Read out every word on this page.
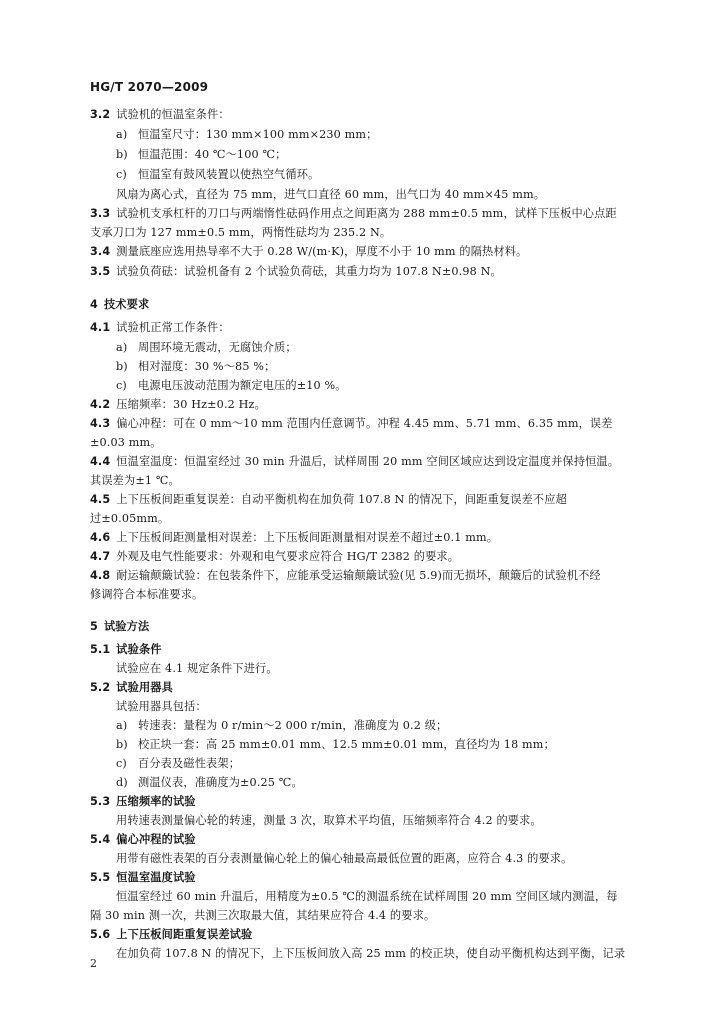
HG/T 2070—2009
3.2 试验机的恒温室条件：
a) 恒温室尺寸：130 mm×100 mm×230 mm；
b) 恒温范围：40 ℃～100 ℃；
c) 恒温室有鼓风装置以使热空气循环。
风扇为离心式，直径为 75 mm，进气口直径 60 mm，出气口为 40 mm×45 mm。
3.3 试验机支承杠杆的刀口与两端惰性砝码作用点之间距离为 288 mm±0.5 mm，试样下压板中心点距
支承刀口为 127 mm±0.5 mm，两惰性砝均为 235.2 N。
3.4 测量底座应选用热导率不大于 0.28 W/(m·K)，厚度不小于 10 mm 的隔热材料。
3.5 试验负荷砝：试验机备有 2 个试验负荷砝，其重力均为 107.8 N±0.98 N。
4 技术要求
4.1 试验机正常工作条件：
a) 周围环境无震动，无腐蚀介质；
b) 相对湿度：30 %～85 %；
c) 电源电压波动范围为额定电压的±10 %。
4.2 压缩频率：30 Hz±0.2 Hz。
4.3 偏心冲程：可在 0 mm～10 mm 范围内任意调节。冲程 4.45 mm、5.71 mm、6.35 mm，误差
±0.03 mm。
4.4 恒温室温度：恒温室经过 30 min 升温后，试样周围 20 mm 空间区域应达到设定温度并保持恒温。
其误差为±1 ℃。
4.5 上下压板间距重复误差：自动平衡机构在加负荷 107.8 N 的情况下，间距重复误差不应超
过±0.05mm。
4.6 上下压板间距测量相对误差：上下压板间距测量相对误差不超过±0.1 mm。
4.7 外观及电气性能要求：外观和电气要求应符合 HG/T 2382 的要求。
4.8 耐运输颠簸试验：在包装条件下，应能承受运输颠簸试验(见 5.9)而无损坏，颠簸后的试验机不经
修调符合本标准要求。
5 试验方法
5.1 试验条件
试验应在 4.1 规定条件下进行。
5.2 试验用器具
试验用器具包括：
a) 转速表：量程为 0 r/min～2 000 r/min，准确度为 0.2 级；
b) 校正块一套：高 25 mm±0.01 mm、12.5 mm±0.01 mm，直径均为 18 mm；
c) 百分表及磁性表架；
d) 测温仪表，准确度为±0.25 ℃。
5.3 压缩频率的试验
用转速表测量偏心轮的转速，测量 3 次，取算术平均值，压缩频率符合 4.2 的要求。
5.4 偏心冲程的试验
用带有磁性表架的百分表测量偏心轮上的偏心轴最高最低位置的距离，应符合 4.3 的要求。
5.5 恒温室温度试验
恒温室经过 60 min 升温后，用精度为±0.5 ℃的测温系统在试样周围 20 mm 空间区域内测温，每
隔 30 min 测一次，共测三次取最大值，其结果应符合 4.4 的要求。
5.6 上下压板间距重复误差试验
在加负荷 107.8 N 的情况下，上下压板间放入高 25 mm 的校正块，使自动平衡机构达到平衡，记录
2
